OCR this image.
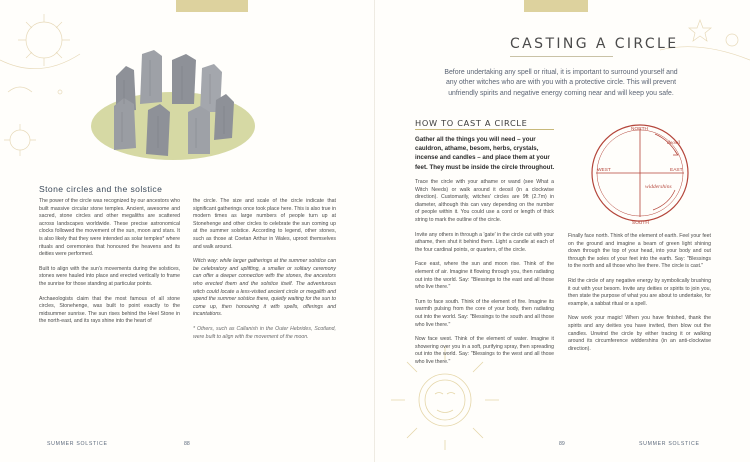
Stone circles and the solstice

The power of the circle was recognized by our ancestors who built massive circular stone temples. Ancient, awesome and sacred, stone circles and other megaliths are scattered across landscapes worldwide. These precise astronomical clocks followed the movement of the sun, moon and stars. It is also likely that they were intended as solar temples* where rituals and ceremonies that honoured the heavens and its deities were performed.

Built to align with the sun's movements during the solstices, stones were hauled into place and erected vertically to frame the sunrise for those standing at particular points.

Archaeologists claim that the most famous of all stone circles, Stonehenge, was built to point exactly to the midsummer sunrise. The sun rises behind the Heel Stone in the north-east, and its rays shine into the heart of

the circle. The size and scale of the circle indicate that significant gatherings once took place here. This is also true in modern times as large numbers of people turn up at Stonehenge and other circles to celebrate the sun coming up at the summer solstice. According to legend, other stones, such as those at Coetan Arthur in Wales, uproot themselves and walk around.

Witch way: while larger gatherings at the summer solstice can be celebratory and uplifting, a smaller or solitary ceremony can offer a deeper connection with the stones, the ancestors who erected them and the solstice itself. The adventurous witch could locate a less-visited ancient circle or megalith and spend the summer solstice there, quietly waiting for the sun to come up, then honouring it with spells, offerings and incantations.

* Others, such as Callanish in the Outer Hebrides, Scotland, were built to align with the movement of the moon.

SUMMER SOLSTICE	88
CASTING A CIRCLE
Before undertaking any spell or ritual, it is important to surround yourself and any other witches who are with you with a protective circle. This will prevent unfriendly spirits and negative energy coming near and will keep you safe.
HOW TO CAST A CIRCLE
Gather all the things you will need – your cauldron, athame, besom, herbs, crystals, incense and candles – and place them at your feet. They must be inside the circle throughout.

Trace the circle with your athame or wand (see What a Witch Needs) or walk around it deosil (in a clockwise direction). Customarily, witches' circles are 9ft (2.7m) in diameter, although this can vary depending on the number of people within it. You could use a cord or length of thick string to mark the outline of the circle.

Invite any others in through a 'gate' in the circle cut with your athame, then shut it behind them. Light a candle at each of the four cardinal points, or quarters, of the circle.

Face east, where the sun and moon rise. Think of the element of air. Imagine it flowing through you, then radiating out into the world. Say: "Blessings to the east and all those who live there."

Turn to face south. Think of the element of fire. Imagine its warmth pulsing from the core of your body, then radiating out into the world. Say: "Blessings to the south and all those who live there."

Now face west. Think of the element of water. Imagine it showering over you in a soft, purifying spray, then spreading out into the world. Say: "Blessings to the west and all those who live there."

NORTH
SOUTH
EAST
WEST
deosil
widdershins

Finally face north. Think of the element of earth. Feel your feet on the ground and imagine a beam of green light shining down through the top of your head, into your body and out through the soles of your feet into the earth. Say: "Blessings to the north and all those who live there. The circle is cast."

Rid the circle of any negative energy by symbolically brushing it out with your besom. Invite any deities or spirits to join you, then state the purpose of what you are about to undertake, for example, a sabbat ritual or a spell.

Now work your magic! When you have finished, thank the spirits and any deities you have invited, then blow out the candles. Unwind the circle by either tracing it or walking around its circumference widdershins (in an anti-clockwise direction).

89	SUMMER SOLSTICE
